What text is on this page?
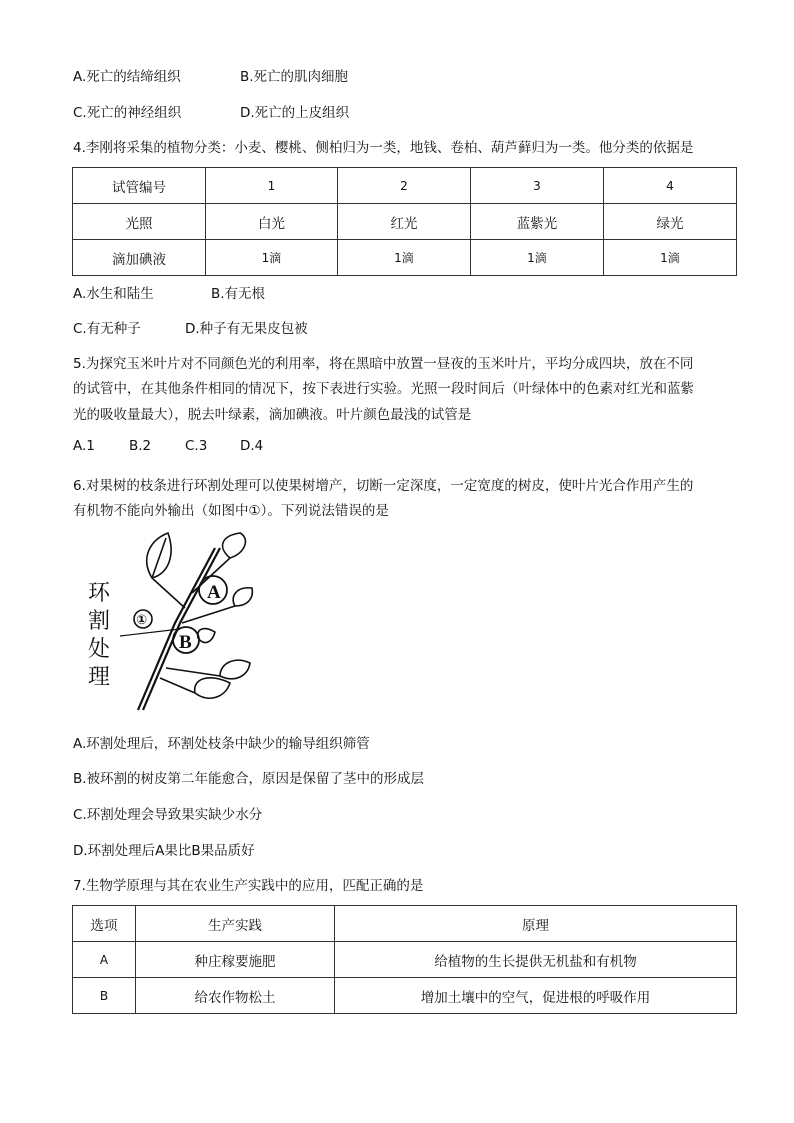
A.死亡的结缔组织	B.死亡的肌肉细胞
C.死亡的神经组织	D.死亡的上皮组织
4.李刚将采集的植物分类：小麦、樱桃、侧柏归为一类，地钱、卷柏、葫芦藓归为一类。他分类的依据是
试管编号	1	2	3	4
光照	白光	红光	蓝紫光	绿光
滴加碘液	1滴	1滴	1滴	1滴
A.水生和陆生	B.有无根
C.有无种子	D.种子有无果皮包被
5.为探究玉米叶片对不同颜色光的利用率，将在黑暗中放置一昼夜的玉米叶片，平均分成四块，放在不同
的试管中，在其他条件相同的情况下，按下表进行实验。光照一段时间后（叶绿体中的色素对红光和蓝紫
光的吸收量最大），脱去叶绿素，滴加碘液。叶片颜色最浅的试管是
A.1	B.2	C.3 D.4
6.对果树的枝条进行环割处理可以使果树增产，切断一定深度，一定宽度的树皮，使叶片光合作用产生的
有机物不能向外输出（如图中①）。下列说法错误的是
A
B
①
环
割
处
理
A.环割处理后，环割处枝条中缺少的输导组织筛管
B.被环割的树皮第二年能愈合，原因是保留了茎中的形成层
C.环割处理会导致果实缺少水分
D.环割处理后A果比B果品质好
7.生物学原理与其在农业生产实践中的应用，匹配正确的是
选项	生产实践	原理
A	种庄稼要施肥	给植物的生长提供无机盐和有机物
B	给农作物松土	增加土壤中的空气，促进根的呼吸作用
